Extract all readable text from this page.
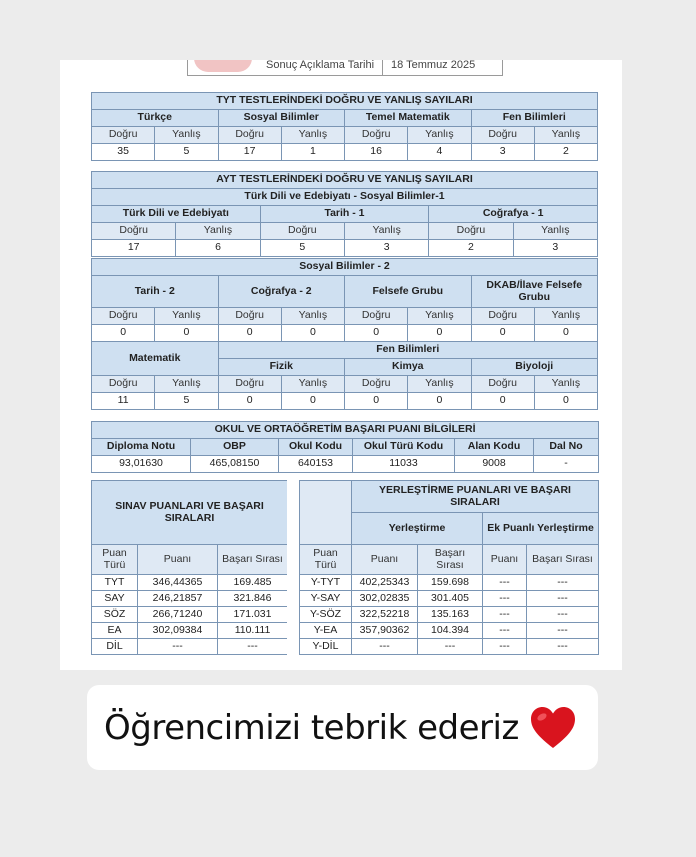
Sonuç Açıklama Tarihi	18 Temmuz 2025
TYT TESTLERİNDEKİ DOĞRU VE YANLIŞ SAYILARI							
Türkçe		Sosyal Bilimler		Temel Matematik		Fen Bilimleri	
Doğru	Yanlış	Doğru	Yanlış	Doğru	Yanlış	Doğru	Yanlış
35	5	17	1	16	4	3	2
AYT TESTLERİNDEKİ DOĞRU VE YANLIŞ SAYILARI					
Türk Dili ve Edebiyatı - Sosyal Bilimler-1					
Türk Dili ve Edebiyatı		Tarih - 1		Coğrafya - 1	
Doğru	Yanlış	Doğru	Yanlış	Doğru	Yanlış
17	6	5	3	2	3
Sosyal Bilimler - 2							
Tarih - 2		Coğrafya - 2		Felsefe Grubu		DKAB/İlave Felsefe Grubu	
Doğru	Yanlış	Doğru	Yanlış	Doğru	Yanlış	Doğru	Yanlış
0	0	0	0	0	0	0	0
Matematik		Fen Bilimleri					
		Fizik		Kimya		Biyoloji	
Doğru	Yanlış	Doğru	Yanlış	Doğru	Yanlış	Doğru	Yanlış
11	5	0	0	0	0	0	0
OKUL VE ORTAÖĞRETİM BAŞARI PUANI BİLGİLERİ					
Diploma Notu	OBP	Okul Kodu	Okul Türü Kodu	Alan Kodu	Dal No
93,01630	465,08150	640153	11033	9008	-
SINAV PUANLARI VE BAŞARI SIRALARI		
Puan Türü	Puanı	Başarı Sırası
TYT	346,44365	169.485
SAY	246,21857	321.846
SÖZ	266,71240	171.031
EA	302,09384	110.111
DİL	---	---
	YERLEŞTİRME PUANLARI VE BAŞARI SIRALARI			
	Yerleştirme		Ek Puanlı Yerleştirme	
Puan Türü	Puanı	Başarı Sırası	Puanı	Başarı Sırası
Y-TYT	402,25343	159.698	---	---
Y-SAY	302,02835	301.405	---	---
Y-SÖZ	322,52218	135.163	---	---
Y-EA	357,90362	104.394	---	---
Y-DİL	---	---	---	---
Öğrencimizi tebrik ederiz
